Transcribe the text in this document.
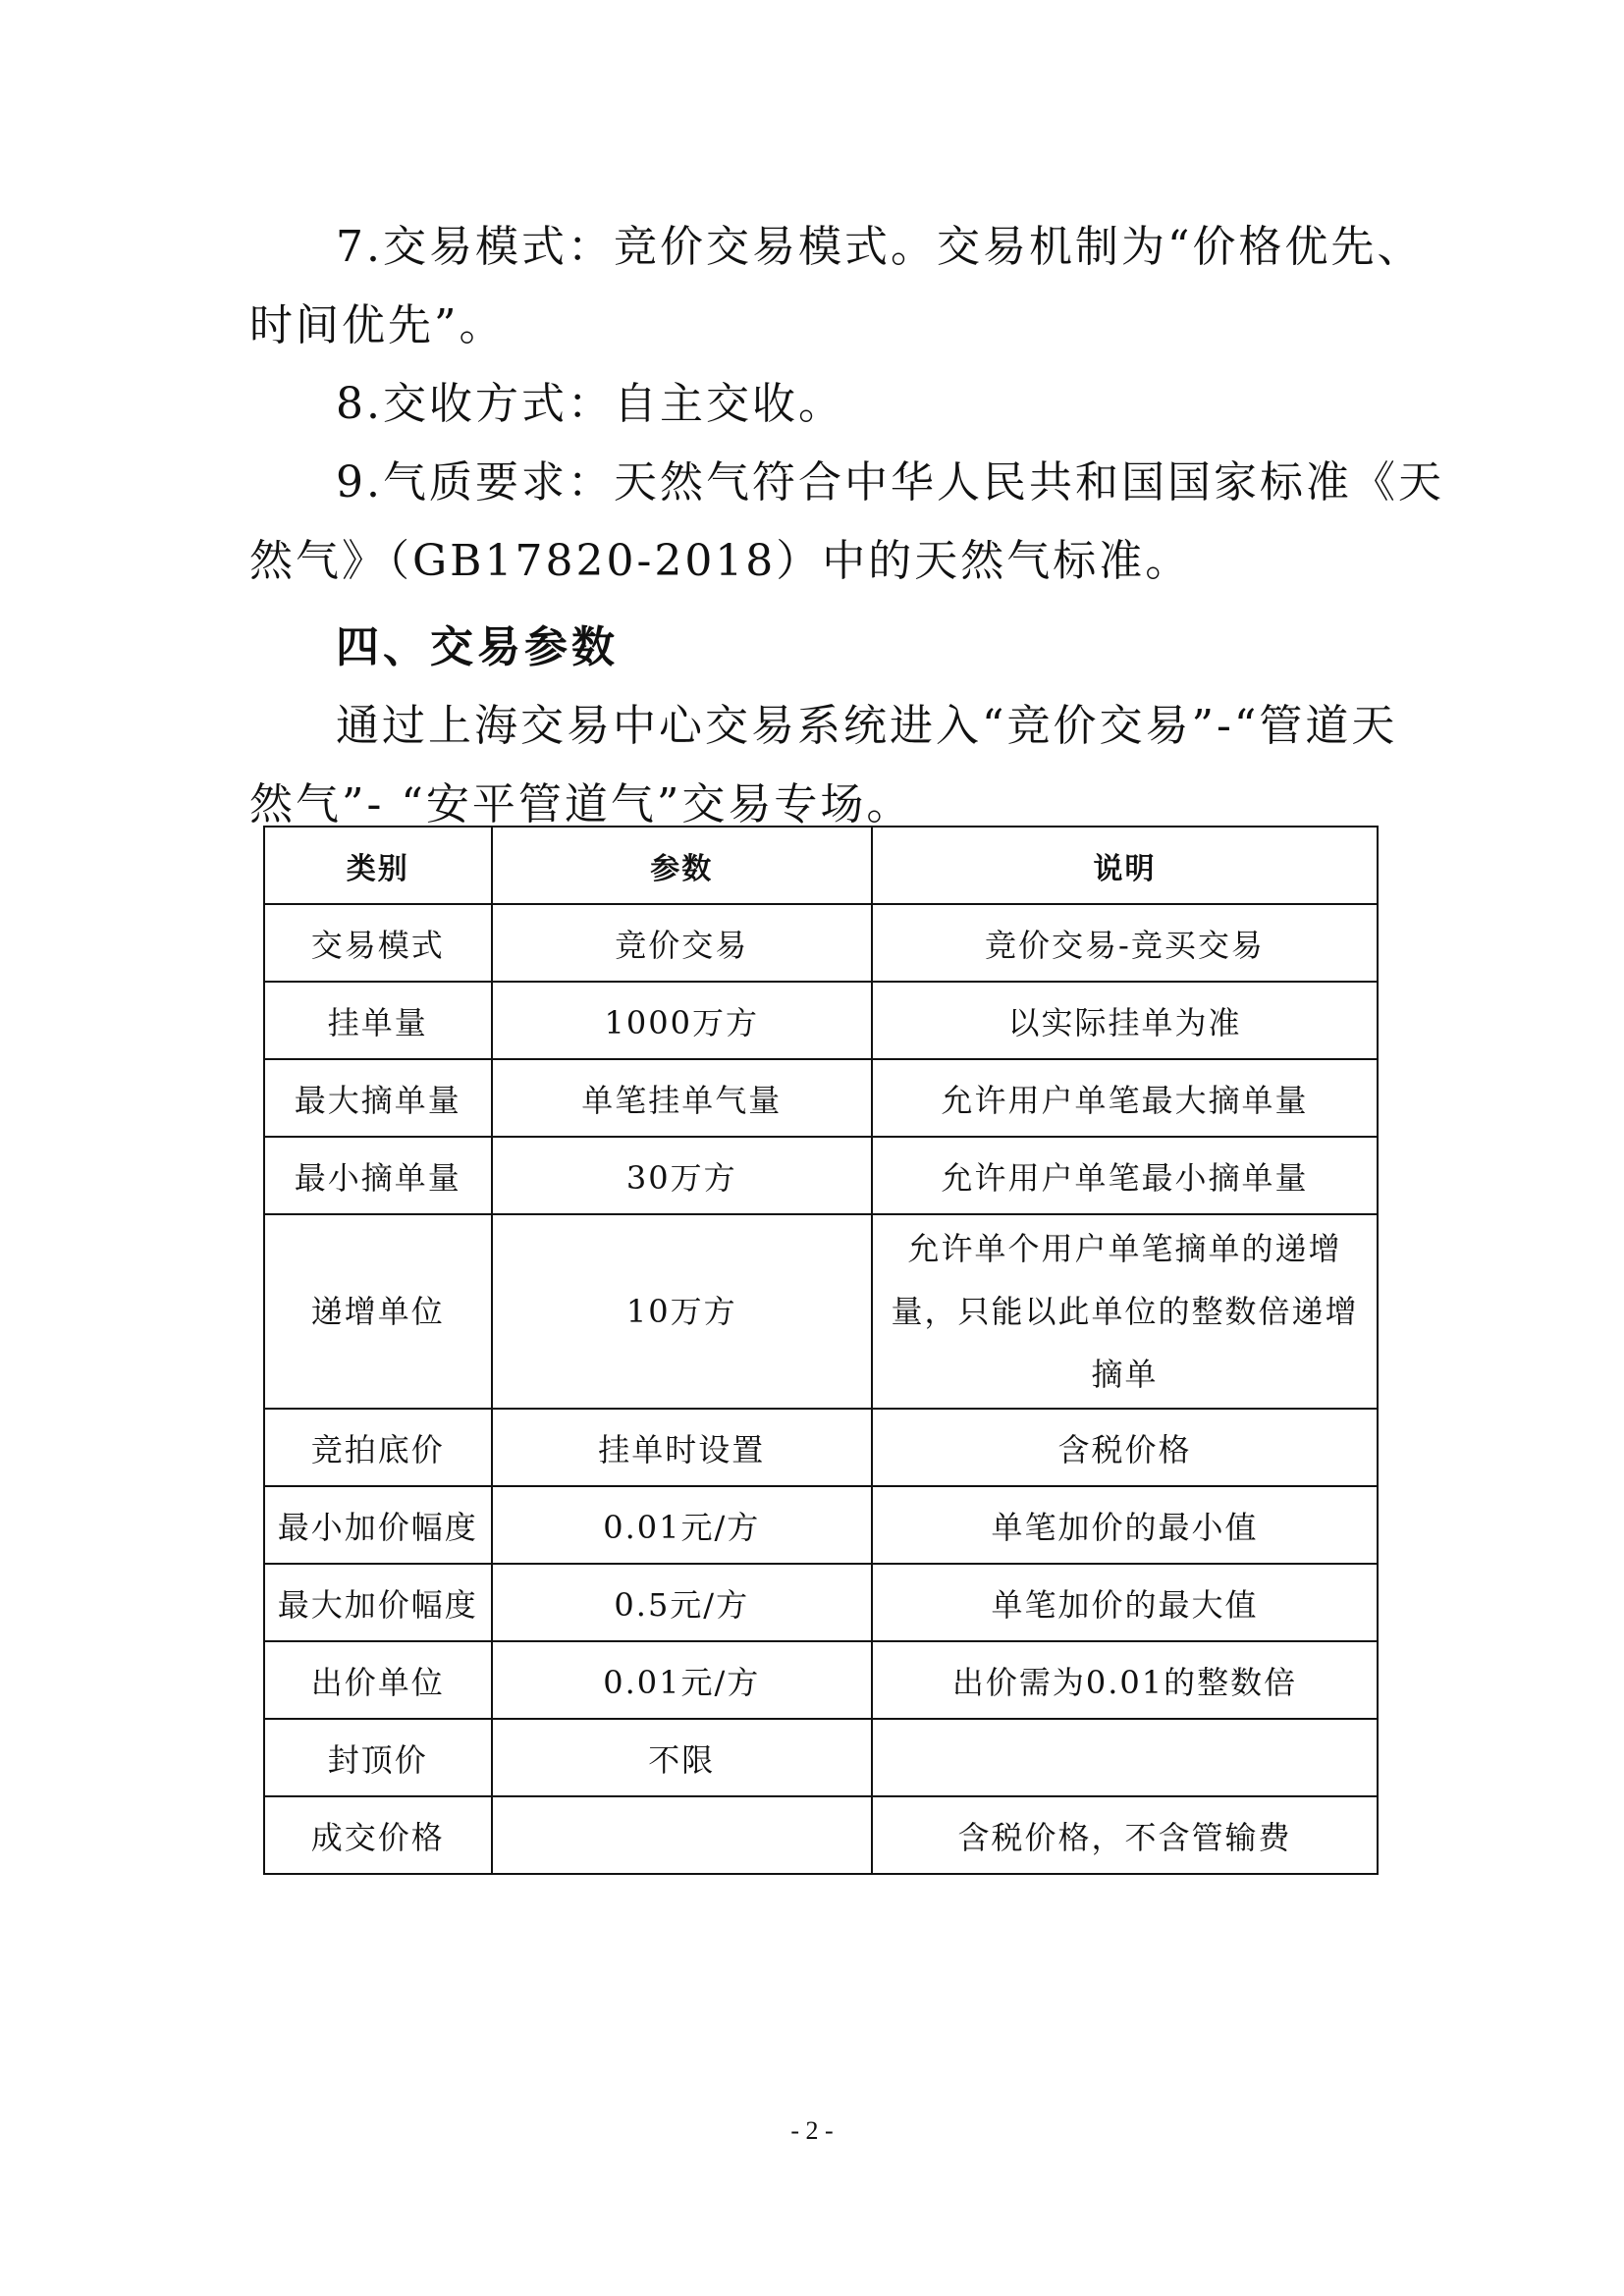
7.交易模式：竞价交易模式。交易机制为“价格优先、
时间优先”。

8.交收方式：自主交收。

9.气质要求：天然气符合中华人民共和国国家标准《天
然气》（GB17820-2018）中的天然气标准。

四、交易参数

通过上海交易中心交易系统进入“竞价交易”-“管道天
然气”- “安平管道气”交易专场。

类别	参数	说明
交易模式	竞价交易	竞价交易-竞买交易
挂单量	1000万方	以实际挂单为准
最大摘单量	单笔挂单气量	允许用户单笔最大摘单量
最小摘单量	30万方	允许用户单笔最小摘单量
递增单位	10万方	允许单个用户单笔摘单的递增
量，只能以此单位的整数倍递增
摘单
竞拍底价	挂单时设置	含税价格
最小加价幅度	0.01元/方	单笔加价的最小值
最大加价幅度	0.5元/方	单笔加价的最大值
出价单位	0.01元/方	出价需为0.01的整数倍
封顶价	不限	
成交价格		含税价格，不含管输费
- 2 -
